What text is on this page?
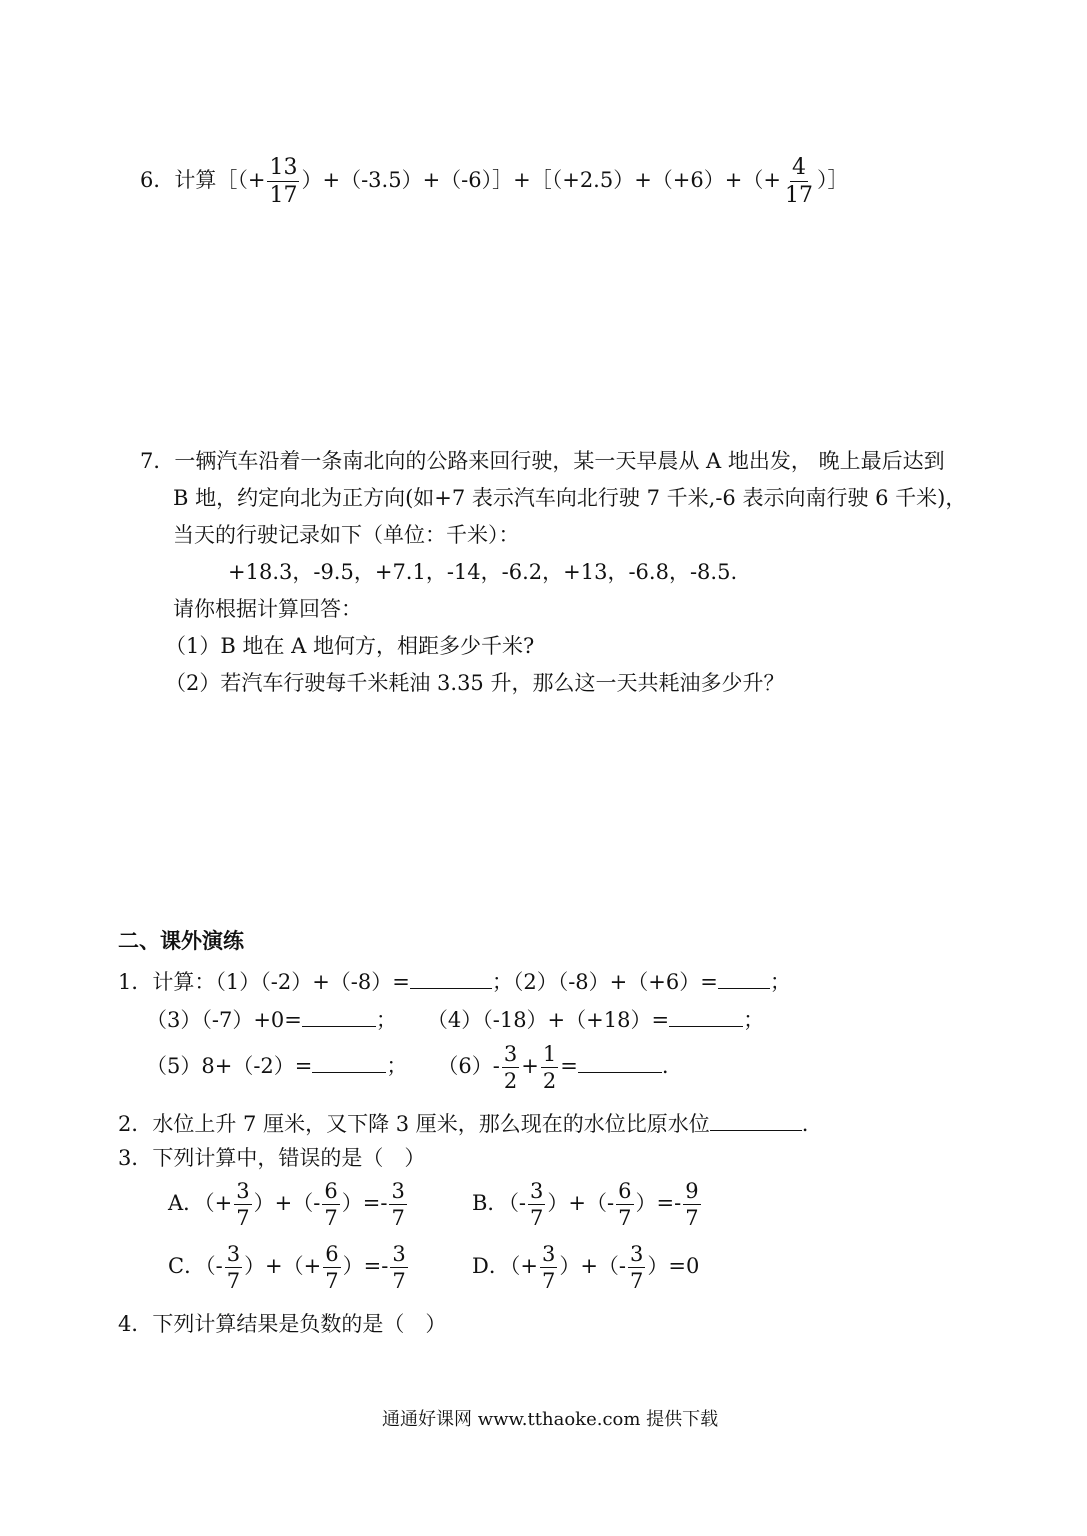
6．计算［（+ $\frac{13}{17}$ ）+（-3.5）+（-6）］+［（+2.5）+（+6）+（+ $\frac{4}{17}$ ）］
7．一辆汽车沿着一条南北向的公路来回行驶，某一天早晨从 A 地出发， 晚上最后达到
B 地，约定向北为正方向(如+7 表示汽车向北行驶 7 千米,-6 表示向南行驶 6 千米)，
当天的行驶记录如下（单位：千米）：
+18.3，-9.5，+7.1，-14，-6.2，+13，-6.8，-8.5.
请你根据计算回答：
（1）B 地在 A 地何方，相距多少千米?
（2）若汽车行驶每千米耗油 3.35 升，那么这一天共耗油多少升？
二、课外演练
1．计算：（1）（-2）+（-8）=	；（2）（-8）+（+6）= ；
（3）（-7）+0=	； （4）（-18）+（+18）=	；
（5）8+（-2）=	； $(6)- \frac{3}{2} + \frac{1}{2}$ =	.
2．水位上升 7 厘米，又下降 3 厘米，那么现在的水位比原水位	.
3．下列计算中，错误的是（　）
A．（+ $\frac{3}{7}$ ）+（- $\frac{6}{7}$ ）=- $\frac{3}{7}$	B．（- $\frac{3}{7}$ ）+（- $\frac{6}{7}$ ）=- $\frac{9}{7}$
C．（- $\frac{3}{7}$ ）+（+ $\frac{6}{7}$ ）=- $\frac{3}{7}$	D．（+ $\frac{3}{7}$ ）+（- $\frac{3}{7} )=0$
4．下列计算结果是负数的是（　）
通通好课网 www.tthaoke.com 提供下载
